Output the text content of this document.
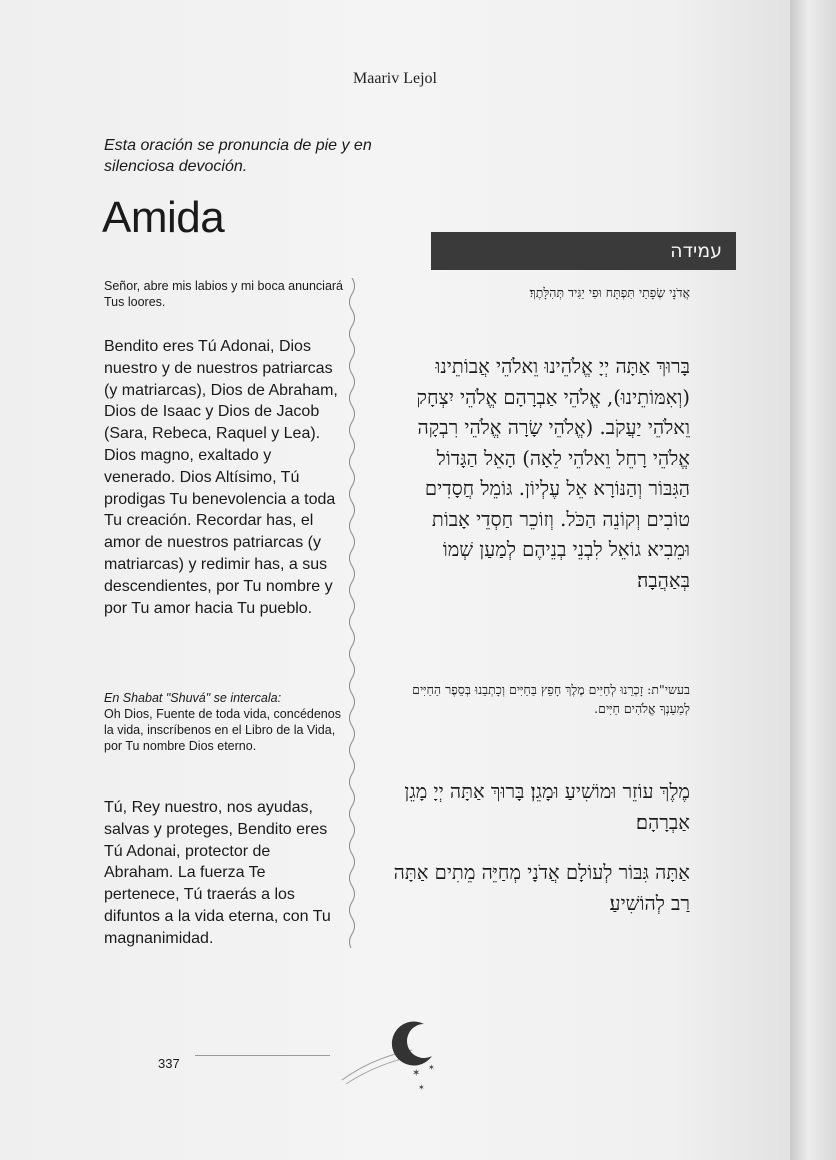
Maariv Lejol
Esta oración se pronuncia de pie y en silenciosa devoción.
Amida
Señor, abre mis labios y mi boca anunciará Tus loores.
Bendito eres Tú Adonai, Dios nuestro y de nuestros patriarcas (y matriarcas), Dios de Abraham, Dios de Isaac y Dios de Jacob (Sara, Rebeca, Raquel y Lea). Dios magno, exaltado y venerado. Dios Altísimo, Tú prodigas Tu benevolencia a toda Tu creación. Recordar has, el amor de nuestros patriarcas (y matriarcas) y redimir has, a sus descendientes, por Tu nombre y por Tu amor hacia Tu pueblo.
En Shabat "Shuvá" se intercala:
Oh Dios, Fuente de toda vida, concédenos la vida, inscríbenos en el Libro de la Vida, por Tu nombre Dios eterno.
Tú, Rey nuestro, nos ayudas, salvas y proteges, Bendito eres Tú Adonai, protector de Abraham. La fuerza Te pertenece, Tú traerás a los difuntos a la vida eterna, con Tu magnanimidad.
עמידה
אֲדֹנָי שְׂפָתַי תִּפְתָּח וּפִי יַגִּיד תְּהִלָּתֶךָ׃
בָּרוּךְ אַתָּה יְיָ אֱלֹהֵינוּ וֵאלֹהֵי אֲבוֹתֵינוּ (וְאִמּוֹתֵינוּ), אֱלֹהֵי אַבְרָהָם אֱלֹהֵי יִצְחָק וֵאלֹהֵי יַעֲקֹב. (אֱלֹהֵי שָׂרָה אֱלֹהֵי רִבְקָה אֱלֹהֵי רָחֵל וֵאלֹהֵי לֵאָה) הָאֵל הַגָּדוֹל הַגִּבּוֹר וְהַנּוֹרָא אֵל עֶלְיוֹן. גּוֹמֵל חֲסָדִים טוֹבִים וְקוֹנֵה הַכֹּל. וְזוֹכֵר חַסְדֵי אָבוֹת וּמֵבִיא גוֹאֵל לִבְנֵי בְנֵיהֶם לְמַעַן שְׁמוֹ בְּאַהֲבָה׃
בעשי"ת: זָכְרֵנוּ לְחַיִּים מֶלֶךְ חָפֵץ בַּחַיִּים וְכָתְבֵנוּ בְּסֵפֶר הַחַיִּים לְמַעַנְךָ אֱלֹהִים חַיִּים.
מֶלֶךְ עוֹזֵר וּמוֹשִׁיעַ וּמָגֵן׃ בָּרוּךְ אַתָּה יְיָ מָגֵן אַבְרָהָם׃
אַתָּה גִּבּוֹר לְעוֹלָם אֲדֹנָי מְחַיֵּה מֵתִים אַתָּה רַב לְהוֹשִׁיעַ׃
337
✶
✶
✶
